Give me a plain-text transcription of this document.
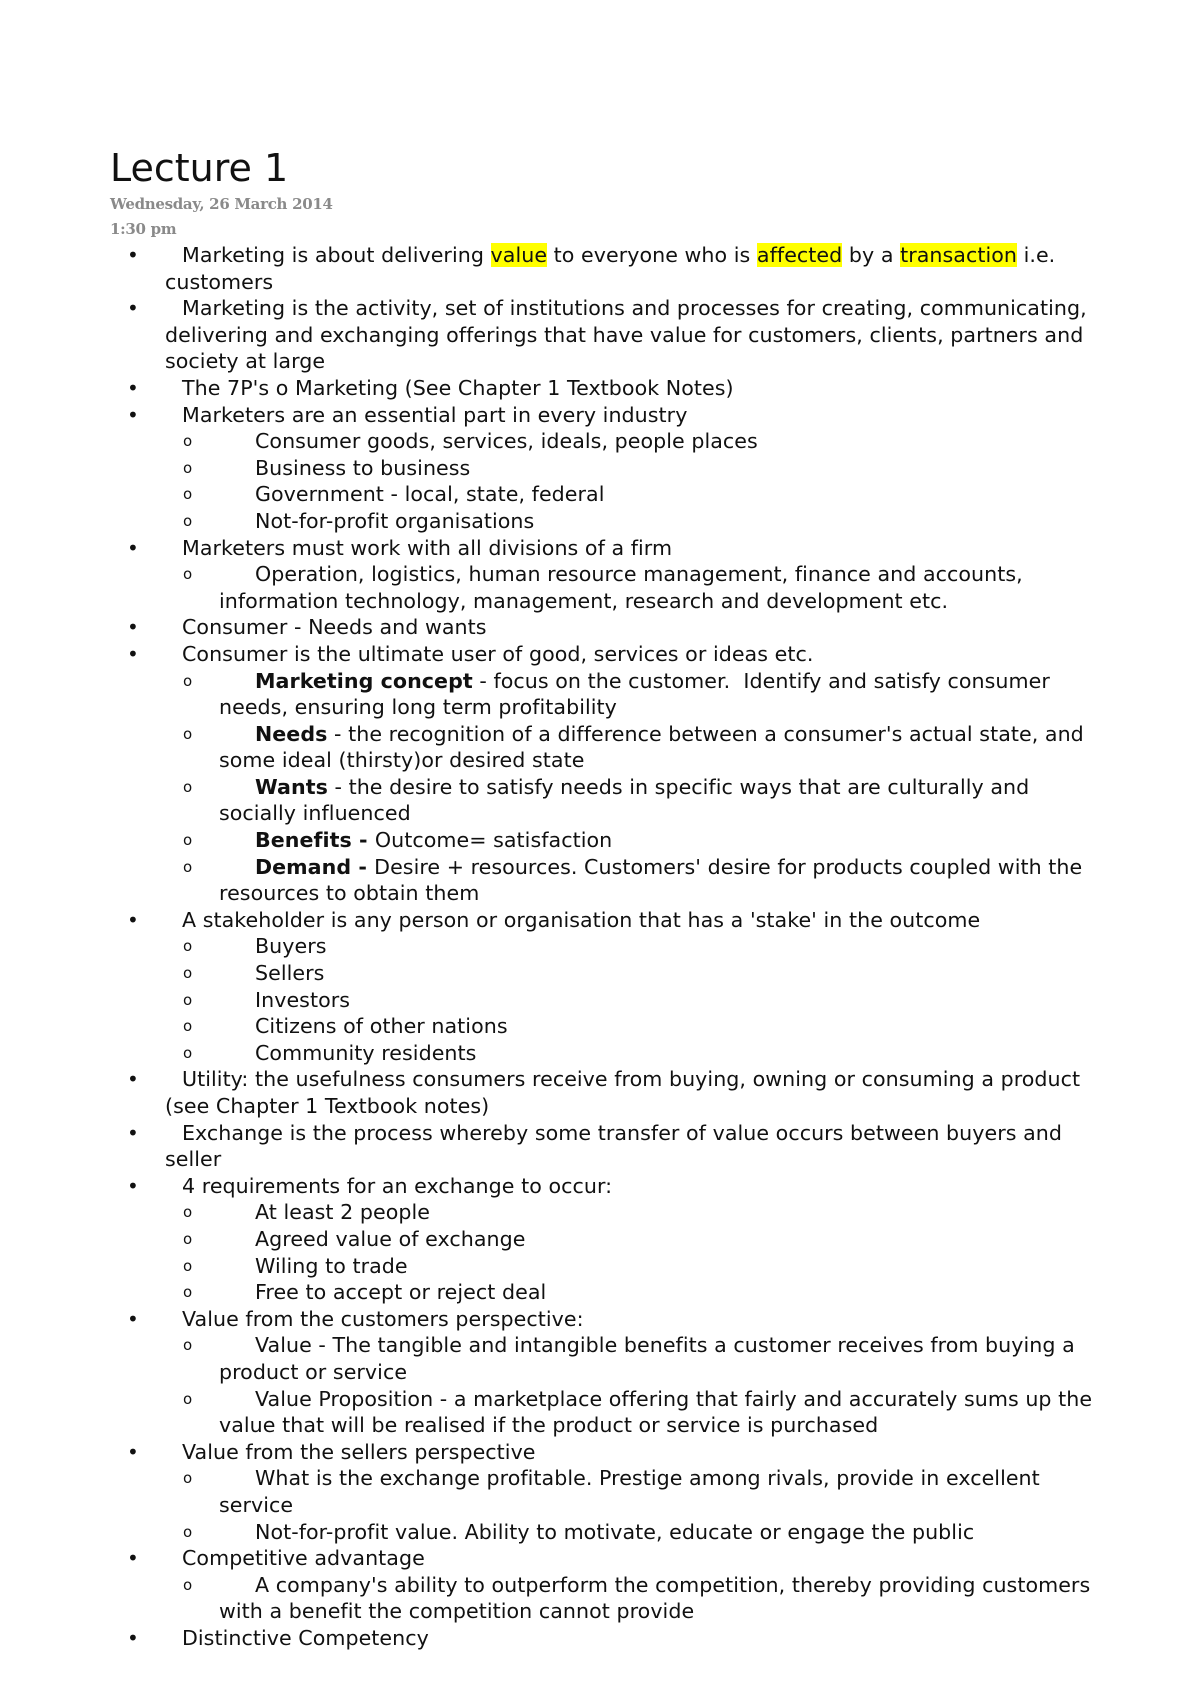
Lecture 1
Wednesday, 26 March 2014
1:30 pm
•	Marketing is about delivering value to everyone who is affected by a transaction i.e. customers

•	Marketing is the activity, set of institutions and processes for creating, communicating, delivering and exchanging offerings that have value for customers, clients, partners and society at large

•	The 7P's o Marketing (See Chapter 1 Textbook Notes)

•	Marketers are an essential part in every industry

o	Consumer goods, services, ideals, people places

o	Business to business

o	Government - local, state, federal

o	Not-for-profit organisations

•	Marketers must work with all divisions of a firm

o	Operation, logistics, human resource management, finance and accounts, information technology, management, research and development etc.

•	Consumer - Needs and wants

•	Consumer is the ultimate user of good, services or ideas etc.

o	Marketing concept - focus on the customer.  Identify and satisfy consumer needs, ensuring long term profitability

o	Needs - the recognition of a difference between a consumer's actual state, and some ideal (thirsty)or desired state

o	Wants - the desire to satisfy needs in specific ways that are culturally and socially influenced

o	Benefits - Outcome= satisfaction

o	Demand - Desire + resources. Customers' desire for products coupled with the resources to obtain them

•	A stakeholder is any person or organisation that has a 'stake' in the outcome

o	Buyers

o	Sellers

o	Investors

o	Citizens of other nations

o	Community residents

•	Utility: the usefulness consumers receive from buying, owning or consuming a product (see Chapter 1 Textbook notes)

•	Exchange is the process whereby some transfer of value occurs between buyers and seller

•	4 requirements for an exchange to occur:

o	At least 2 people

o	Agreed value of exchange

o	Wiling to trade

o	Free to accept or reject deal

•	Value from the customers perspective:

o	Value - The tangible and intangible benefits a customer receives from buying a product or service

o	Value Proposition - a marketplace offering that fairly and accurately sums up the value that will be realised if the product or service is purchased

•	Value from the sellers perspective

o	What is the exchange profitable. Prestige among rivals, provide in excellent service

o	Not-for-profit value. Ability to motivate, educate or engage the public

•	Competitive advantage

o	A company's ability to outperform the competition, thereby providing customers with a benefit the competition cannot provide

•	Distinctive Competency
